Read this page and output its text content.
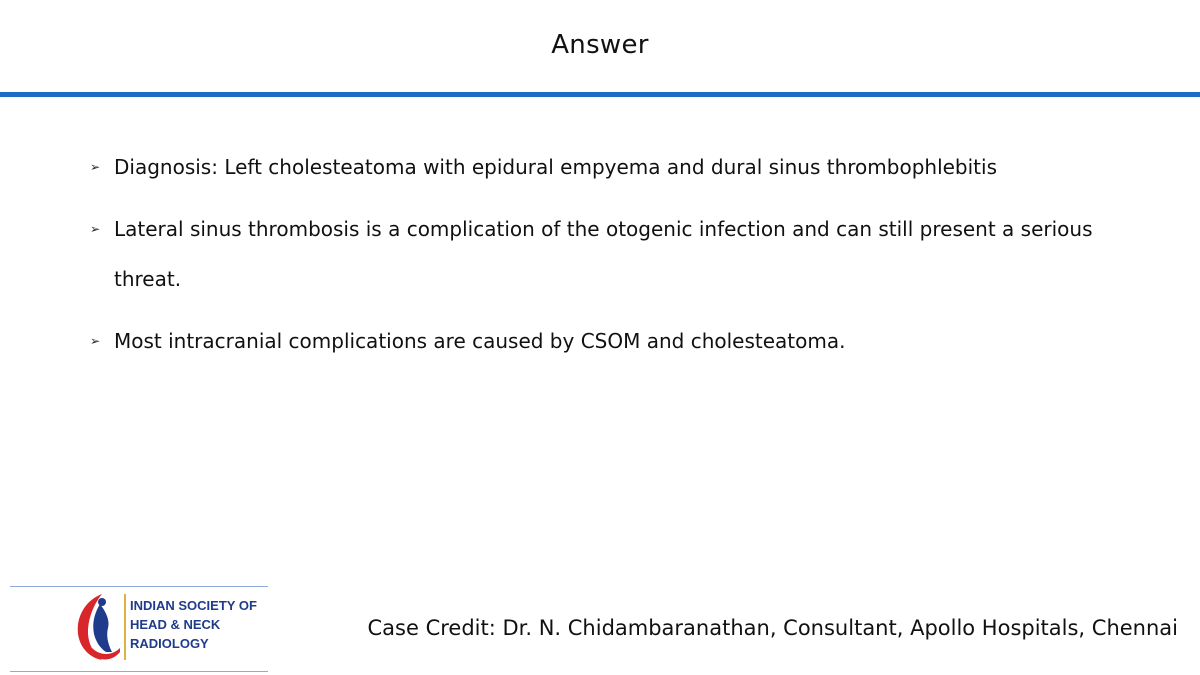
Answer
➢ Diagnosis: Left cholesteatoma with epidural empyema and dural sinus thrombophlebitis
➢ Lateral sinus thrombosis is a complication of the otogenic infection and can still present a serious threat.
➢ Most intracranial complications are caused by CSOM and cholesteatoma.
INDIAN SOCIETY OF
HEAD & NECK
RADIOLOGY
Case Credit: Dr. N. Chidambaranathan, Consultant, Apollo Hospitals, Chennai
